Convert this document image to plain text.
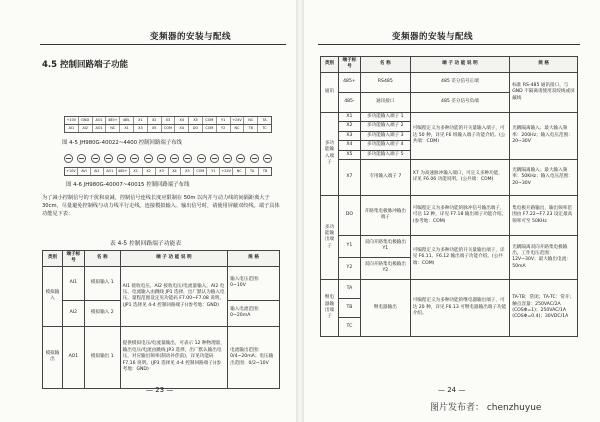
变频器的安装与配线
4.5 控制回路端子功能
+10V	GND	AO1	485+	485-	X1	X2	X3	X4	X5	COM	Y1	+24V	NC	TA
AI1	AI2	AO1	NC	X1	X3	X5	COM	X4	DO	COM	Y2	NC	TB	TC
图 4-5 JH980G-40022~4400 控制回路端子布线
+10V	AVI	AI1	AO1	485+	X1	X2	X3	X4	X5	COM	Y1	+24V	NC	TA	TB
图 4-6 JH980G-40007~40015 控制回路端子布线
为了减小控制信号的干扰和衰减，控制信号连线长度应限制在 50m 以内并与动力线的间隔距离大于 30cm，尽量避免控制线与动力线平行走线。连接模拟输入、输出信号时，请使用屏蔽双绞线。端子具体功能见下表：
表 4-5 控制回路端子功能表
类别	端子标号	名 称	端 子 功 能 说 明	规 格
模拟输入	AI1	模拟输入 1	AI1 接收电压，AI2 接收电压/电流量输入，AI2 电压、电流输入由跳线 JP1 选择，出厂默认为输入电压，量程范围设定见功能码 F7.00~F7.08 说明。(JP1 选择见 4-4 控制回路端子)(参考地：GND)	输入电压范围：0~10V
	AI2	模拟输入 2		输入电流范围：0~20mA
模拟输出	AO1	模拟输出 1	提供模拟电压/电流量输出，可表示 12 种物理量，输出电压/电流由跳线 JP3 选择，出厂默认输出电压，对应输出频率(制动补偿前)，详见功能码 F7.16 说明。(JP3 选择见 4-4 控制回路端子)(参考地：GND)	电流输出范围：0/4~20mA；电压输出范围：0/2~10V
— 23 —
变频器的安装与配线
类别	端子标号	名 称	端 子 功 能 说 明	规 格
通讯	485+	RS485	485 差分信号正端	标准 RS-485 通讯接口，与 GND 不隔离请使用双绞线或屏蔽线
	485-	通讯接口	485 差分信号负端	
多功能输入端子	X1	多功能输入端子 1	可编程定义为多种功能的开关量输入端子，可达 50 种，详见 F6 组输入端子功能介绍。(公共端：COM)	光耦隔离输入；最大输入频率：200Hz；输入电压范围：20~30V
	X2	多功能输入端子 2		
	X3	多功能输入端子 3		
	X4	多功能输入端子 4		
	X5	多功能输入端子 5		
	X7	专用输入端子 7	X7 为高速脉冲输入端口，可定义多种功能，详见 F6.06 功能说明。(公共端：COM)	光耦隔离输入；最大输入频率：50KHz；输入电压范围：20~30V
多功能输出端子	DO	开路集电极脉冲输出端子	可编程定义为多种功能的脉冲信号输出端子，可达 12 种，详见 F7.18 输出端子功能介绍。(参考地：COM)	集电极开路输出，输出频率范围由 F7.22~F7.23 设定最高频率可至 50KHz
	Y1	双向开路集电极输出 Y1	可编程定义为多种功能的开关量输出端子，详见 F6.11、F6.12 输出端子功能介绍。(公共端：COM)	光耦隔离双向开路集电极输出，工作电压范围：12V~30V；最大输出电流：50mA
	Y2	双向开路集电极输出 Y2		
继电器输出端子	TA	继电器输出	可编程定义为多种功能的继电器输出端子，可达 20 种，详见 F6.13 可继电器输出端子功能介绍。	TA-TB：常闭；TA-TC：常开；触点容量：250VAC/2A (COSΦ=1)；250VAC/1A (COSΦ=0.4)；30VDC/1A
	TB			
	TC			
— 24 —
图片发布者： chenzhuyue
